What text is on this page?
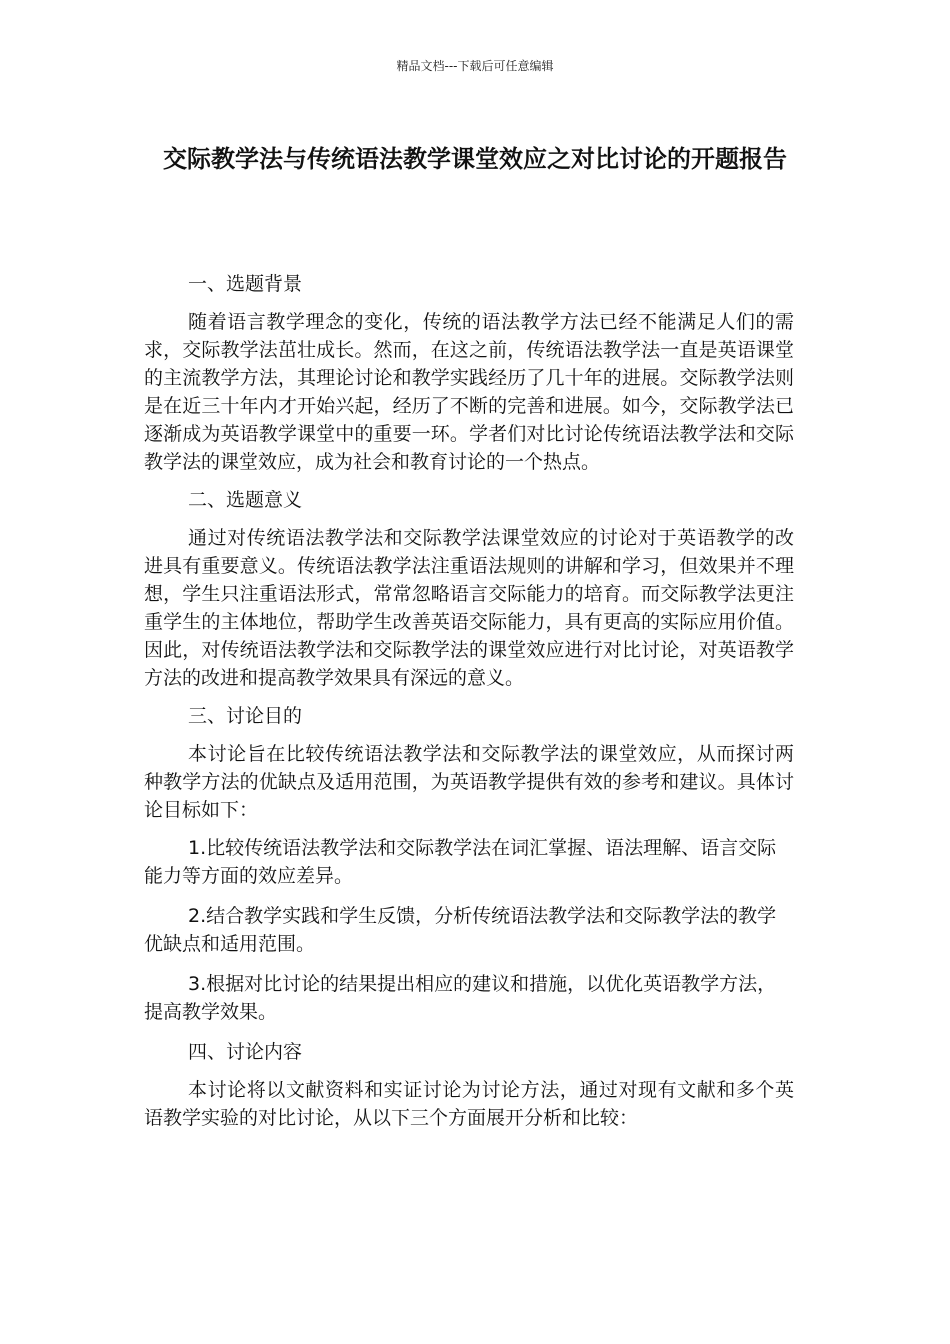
精品文档---下载后可任意编辑
交际教学法与传统语法教学课堂效应之对比讨论的开题报告

一、选题背景

随着语言教学理念的变化，传统的语法教学方法已经不能满足人们的需求，交际教学法茁壮成长。然而，在这之前，传统语法教学法一直是英语课堂的主流教学方法，其理论讨论和教学实践经历了几十年的进展。交际教学法则是在近三十年内才开始兴起，经历了不断的完善和进展。如今，交际教学法已逐渐成为英语教学课堂中的重要一环。学者们对比讨论传统语法教学法和交际教学法的课堂效应，成为社会和教育讨论的一个热点。

二、选题意义

通过对传统语法教学法和交际教学法课堂效应的讨论对于英语教学的改进具有重要意义。传统语法教学法注重语法规则的讲解和学习，但效果并不理想，学生只注重语法形式，常常忽略语言交际能力的培育。而交际教学法更注重学生的主体地位，帮助学生改善英语交际能力，具有更高的实际应用价值。因此，对传统语法教学法和交际教学法的课堂效应进行对比讨论，对英语教学方法的改进和提高教学效果具有深远的意义。

三、讨论目的

本讨论旨在比较传统语法教学法和交际教学法的课堂效应，从而探讨两种教学方法的优缺点及适用范围，为英语教学提供有效的参考和建议。具体讨论目标如下：

1.比较传统语法教学法和交际教学法在词汇掌握、语法理解、语言交际能力等方面的效应差异。

2.结合教学实践和学生反馈，分析传统语法教学法和交际教学法的教学优缺点和适用范围。

3.根据对比讨论的结果提出相应的建议和措施，以优化英语教学方法，提高教学效果。

四、讨论内容

本讨论将以文献资料和实证讨论为讨论方法，通过对现有文献和多个英语教学实验的对比讨论，从以下三个方面展开分析和比较：
